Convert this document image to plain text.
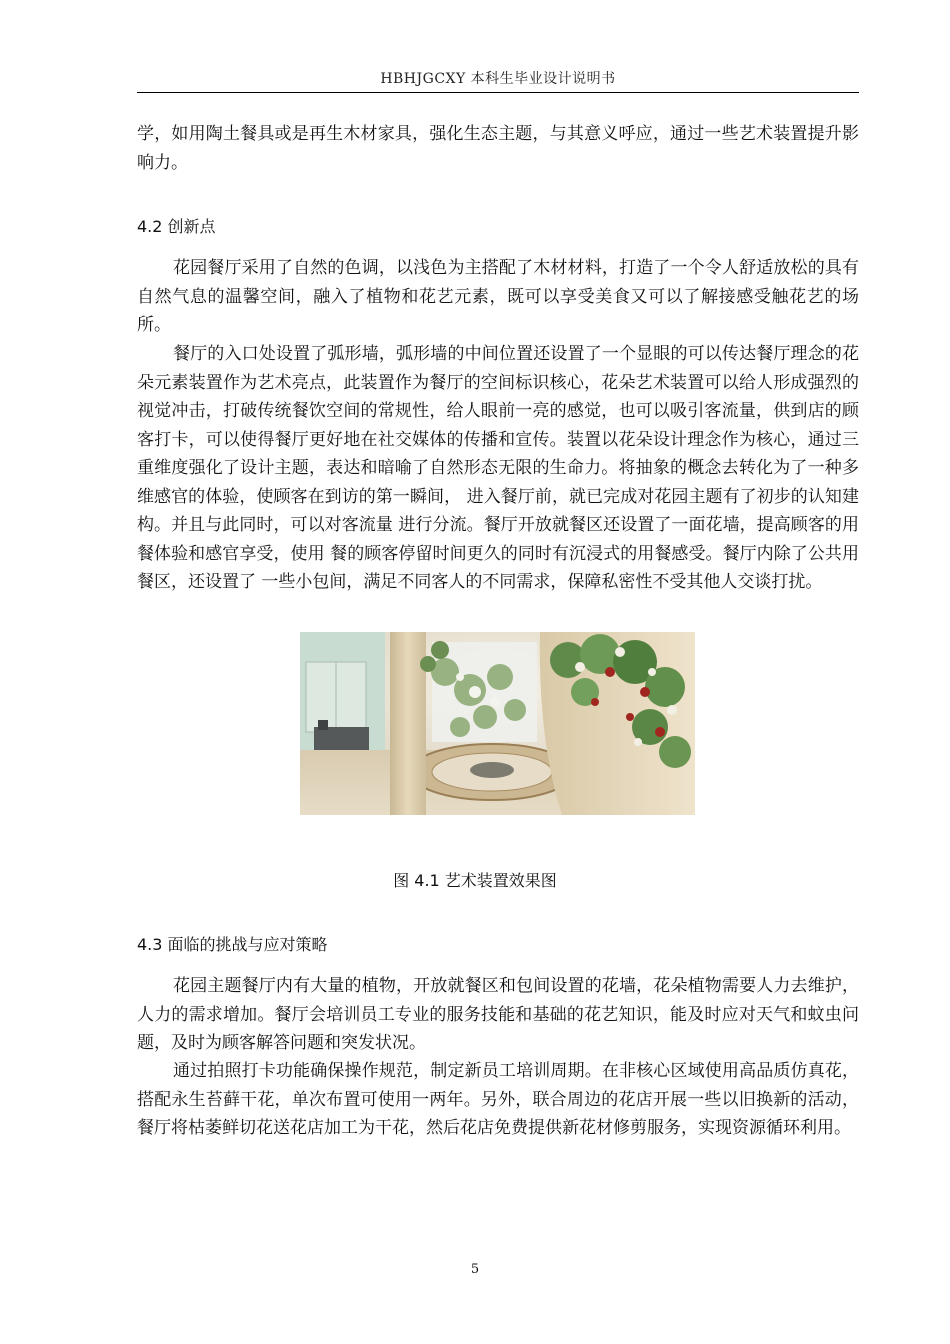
HBHJGCXY 本科生毕业设计说明书

学，如用陶土餐具或是再生木材家具，强化生态主题，与其意义呼应，通过一些艺术装置提升影响力。

4.2 创新点

花园餐厅采用了自然的色调，以浅色为主搭配了木材材料，打造了一个令人舒适放松的具有自然气息的温馨空间，融入了植物和花艺元素，既可以享受美食又可以了解接感受触花艺的场所。

餐厅的入口处设置了弧形墙，弧形墙的中间位置还设置了一个显眼的可以传达餐厅理念的花朵元素装置作为艺术亮点，此装置作为餐厅的空间标识核心，花朵艺术装置可以给人形成强烈的视觉冲击，打破传统餐饮空间的常规性，给人眼前一亮的感觉，也可以吸引客流量，供到店的顾客打卡，可以使得餐厅更好地在社交媒体的传播和宣传。装置以花朵设计理念作为核心，通过三重维度强化了设计主题，表达和暗喻了自然形态无限的生命力。将抽象的概念去转化为了一种多维感官的体验，使顾客在到访的第一瞬间， 进入餐厅前，就已完成对花园主题有了初步的认知建构。并且与此同时，可以对客流量 进行分流。餐厅开放就餐区还设置了一面花墙，提高顾客的用餐体验和感官享受，使用 餐的顾客停留时间更久的同时有沉浸式的用餐感受。餐厅内除了公共用餐区，还设置了 一些小包间，满足不同客人的不同需求，保障私密性不受其他人交谈打扰。

图 4.1 艺术装置效果图

4.3 面临的挑战与应对策略

花园主题餐厅内有大量的植物，开放就餐区和包间设置的花墙，花朵植物需要人力去维护，人力的需求增加。餐厅会培训员工专业的服务技能和基础的花艺知识，能及时应对天气和蚊虫问题，及时为顾客解答问题和突发状况。

通过拍照打卡功能确保操作规范，制定新员工培训周期。在非核心区域使用高品质仿真花，搭配永生苔藓干花，单次布置可使用一两年。另外，联合周边的花店开展一些以旧换新的活动，餐厅将枯萎鲜切花送花店加工为干花，然后花店免费提供新花材修剪服务，实现资源循环利用。

5
